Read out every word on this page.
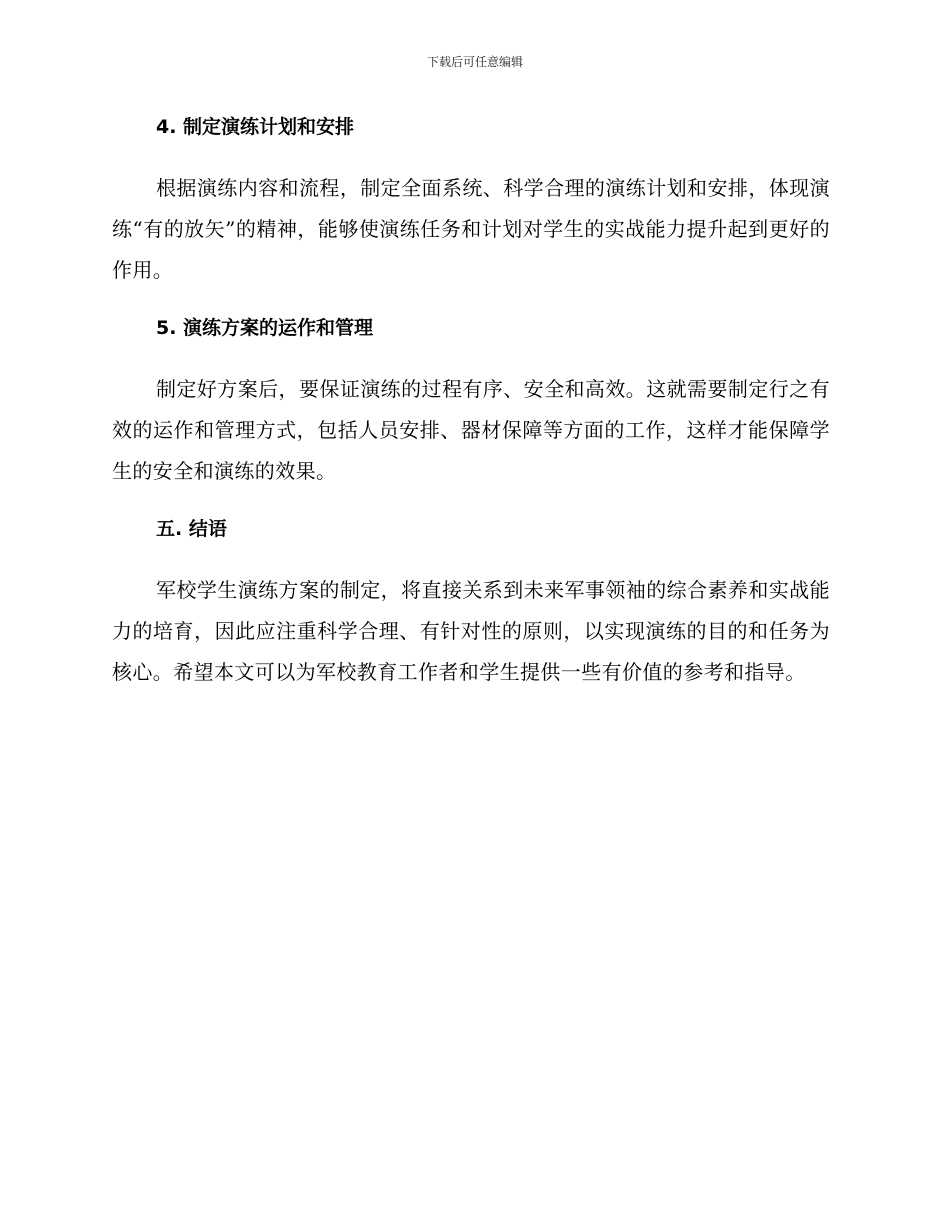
下载后可任意编辑
4. 制定演练计划和安排

根据演练内容和流程，制定全面系统、科学合理的演练计划和安排，体现演练“有的放矢”的精神，能够使演练任务和计划对学生的实战能力提升起到更好的作用。

5. 演练方案的运作和管理

制定好方案后，要保证演练的过程有序、安全和高效。这就需要制定行之有效的运作和管理方式，包括人员安排、器材保障等方面的工作，这样才能保障学生的安全和演练的效果。

五. 结语

军校学生演练方案的制定，将直接关系到未来军事领袖的综合素养和实战能力的培育，因此应注重科学合理、有针对性的原则，以实现演练的目的和任务为核心。希望本文可以为军校教育工作者和学生提供一些有价值的参考和指导。
